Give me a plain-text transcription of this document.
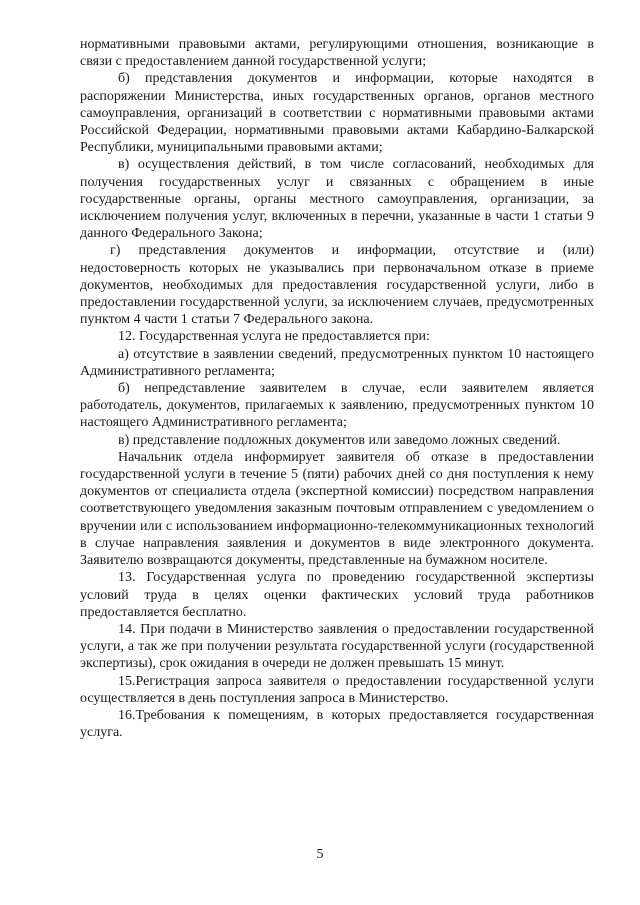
нормативными правовыми актами, регулирующими отношения, возникающие в связи с предоставлением данной государственной услуги;

б) представления документов и информации, которые находятся в распоряжении Министерства, иных государственных органов, органов местного самоуправления, организаций в соответствии с нормативными правовыми актами Российской Федерации, нормативными правовыми актами Кабардино-Балкарской Республики, муниципальными правовыми актами;

в) осуществления действий, в том числе согласований, необходимых для получения государственных услуг и связанных с обращением в иные государственные органы, органы местного самоуправления, организации, за исключением получения услуг, включенных в перечни, указанные в части 1 статьи 9 данного Федерального Закона;

г) представления документов и информации, отсутствие и (или) недостоверность которых не указывались при первоначальном отказе в приеме документов, необходимых для предоставления государственной услуги, либо в предоставлении государственной услуги, за исключением случаев, предусмотренных пунктом 4 части 1 статьи 7 Федерального закона.

12. Государственная услуга не предоставляется при:

а) отсутствие в заявлении сведений, предусмотренных пунктом 10 настоящего Административного регламента;

б) непредставление заявителем в случае, если заявителем является работодатель, документов, прилагаемых к заявлению, предусмотренных пунктом 10 настоящего Административного регламента;

в) представление подложных документов или заведомо ложных сведений.

Начальник отдела информирует заявителя об отказе в предоставлении государственной услуги в течение 5 (пяти) рабочих дней со дня поступления к нему документов от специалиста отдела (экспертной комиссии) посредством направления соответствующего уведомления заказным почтовым отправлением с уведомлением о вручении или с использованием информационно-телекоммуникационных технологий в случае направления заявления и документов в виде электронного документа. Заявителю возвращаются документы, представленные на бумажном носителе.

13. Государственная услуга по проведению государственной экспертизы условий труда в целях оценки фактических условий труда работников предоставляется бесплатно.

14. При подачи в Министерство заявления о предоставлении государственной услуги, а так же при получении результата государственной услуги (государственной экспертизы), срок ожидания в очереди не должен превышать 15 минут.

15.Регистрация запроса заявителя о предоставлении государственной услуги осуществляется в день поступления запроса в Министерство.

16.Требования к помещениям, в которых предоставляется государственная услуга.

5
